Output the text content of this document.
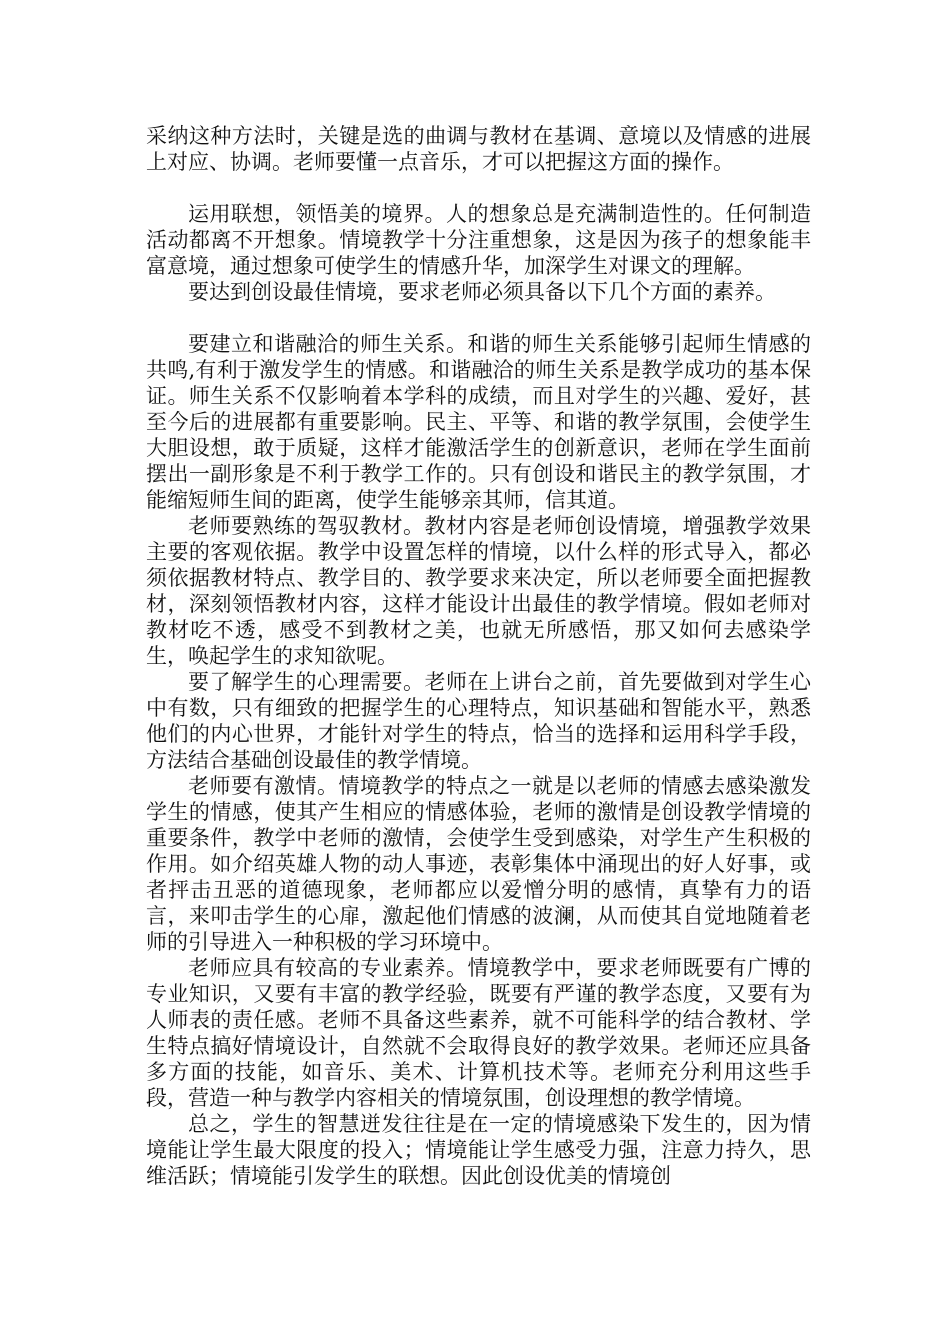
采纳这种方法时，关键是选的曲调与教材在基调、意境以及情感的进展上对应、协调。老师要懂一点音乐，才可以把握这方面的操作。

运用联想，领悟美的境界。人的想象总是充满制造性的。任何制造活动都离不开想象。情境教学十分注重想象，这是因为孩子的想象能丰富意境，通过想象可使学生的情感升华，加深学生对课文的理解。

要达到创设最佳情境，要求老师必须具备以下几个方面的素养。

要建立和谐融洽的师生关系。和谐的师生关系能够引起师生情感的共鸣,有利于激发学生的情感。和谐融洽的师生关系是教学成功的基本保证。师生关系不仅影响着本学科的成绩，而且对学生的兴趣、爱好，甚至今后的进展都有重要影响。民主、平等、和谐的教学氛围，会使学生大胆设想，敢于质疑，这样才能激活学生的创新意识，老师在学生面前摆出一副形象是不利于教学工作的。只有创设和谐民主的教学氛围，才能缩短师生间的距离，使学生能够亲其师，信其道。

老师要熟练的驾驭教材。教材内容是老师创设情境，增强教学效果主要的客观依据。教学中设置怎样的情境，以什么样的形式导入，都必须依据教材特点、教学目的、教学要求来决定，所以老师要全面把握教材，深刻领悟教材内容，这样才能设计出最佳的教学情境。假如老师对教材吃不透，感受不到教材之美，也就无所感悟，那又如何去感染学生，唤起学生的求知欲呢。

要了解学生的心理需要。老师在上讲台之前，首先要做到对学生心中有数，只有细致的把握学生的心理特点，知识基础和智能水平，熟悉他们的内心世界，才能针对学生的特点，恰当的选择和运用科学手段，方法结合基础创设最佳的教学情境。

老师要有激情。情境教学的特点之一就是以老师的情感去感染激发学生的情感，使其产生相应的情感体验，老师的激情是创设教学情境的重要条件，教学中老师的激情，会使学生受到感染，对学生产生积极的作用。如介绍英雄人物的动人事迹，表彰集体中涌现出的好人好事，或者抨击丑恶的道德现象，老师都应以爱憎分明的感情，真挚有力的语言，来叩击学生的心扉，激起他们情感的波澜，从而使其自觉地随着老师的引导进入一种积极的学习环境中。

老师应具有较高的专业素养。情境教学中，要求老师既要有广博的专业知识，又要有丰富的教学经验，既要有严谨的教学态度，又要有为人师表的责任感。老师不具备这些素养，就不可能科学的结合教材、学生特点搞好情境设计，自然就不会取得良好的教学效果。老师还应具备多方面的技能，如音乐、美术、计算机技术等。老师充分利用这些手段，营造一种与教学内容相关的情境氛围，创设理想的教学情境。

总之，学生的智慧迸发往往是在一定的情境感染下发生的，因为情境能让学生最大限度的投入；情境能让学生感受力强，注意力持久，思维活跃；情境能引发学生的联想。因此创设优美的情境创
